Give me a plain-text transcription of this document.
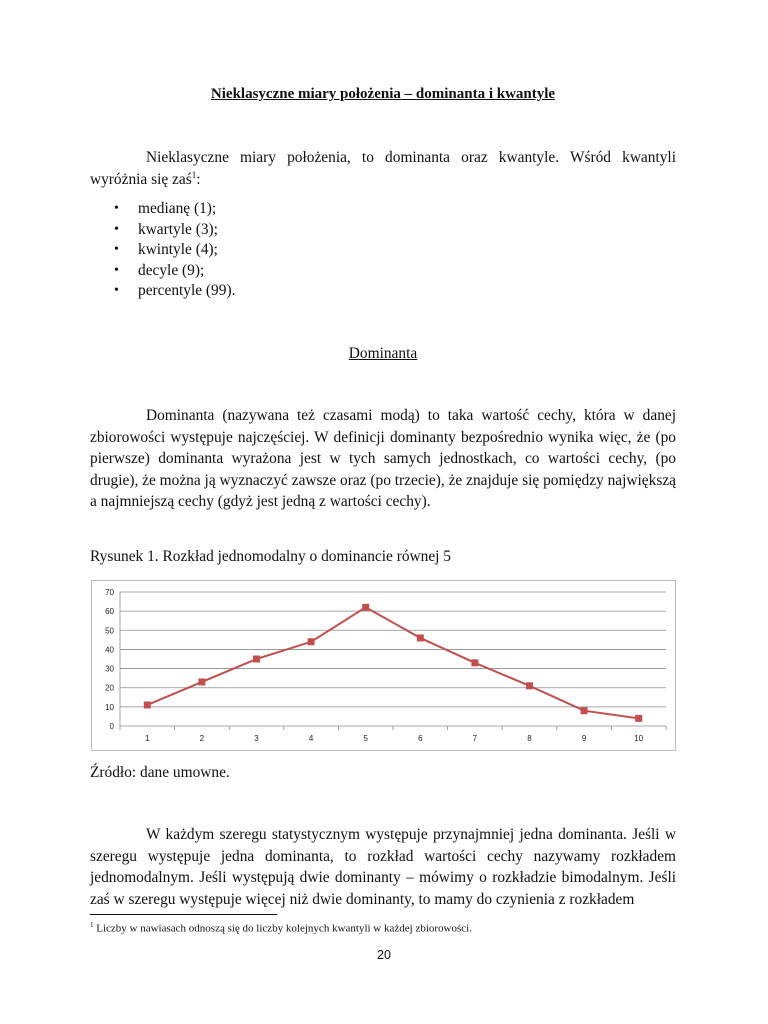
Nieklasyczne miary położenia – dominanta i kwantyle

Nieklasyczne miary położenia, to dominanta oraz kwantyle. Wśród kwantyli wyróżnia się zaś$^1$:

• medianę (1);
• kwartyle (3);
• kwintyle (4);
• decyle (9);
• percentyle (99).
Dominanta

Dominanta (nazywana też czasami modą) to taka wartość cechy, która w danej zbiorowości występuje najczęściej. W definicji dominanty bezpośrednio wynika więc, że (po pierwsze) dominanta wyrażona jest w tych samych jednostkach, co wartości cechy, (po drugie), że można ją wyznaczyć zawsze oraz (po trzecie), że znajduje się pomiędzy największą a najmniejszą cechy (gdyż jest jedną z wartości cechy).

Rysunek 1. Rozkład jednomodalny o dominancie równej 5
0
10
20
30
40
50
60
70
1	2	3	4	5	6	7	8	9	10
Źródło: dane umowne.

W każdym szeregu statystycznym występuje przynajmniej jedna dominanta. Jeśli w szeregu występuje jedna dominanta, to rozkład wartości cechy nazywamy rozkładem jednomodalnym. Jeśli występują dwie dominanty – mówimy o rozkładzie bimodalnym. Jeśli zaś w szeregu występuje więcej niż dwie dominanty, to mamy do czynienia z rozkładem

$^1$ Liczby w nawiasach odnoszą się do liczby kolejnych kwantyli w każdej zbiorowości.
20
